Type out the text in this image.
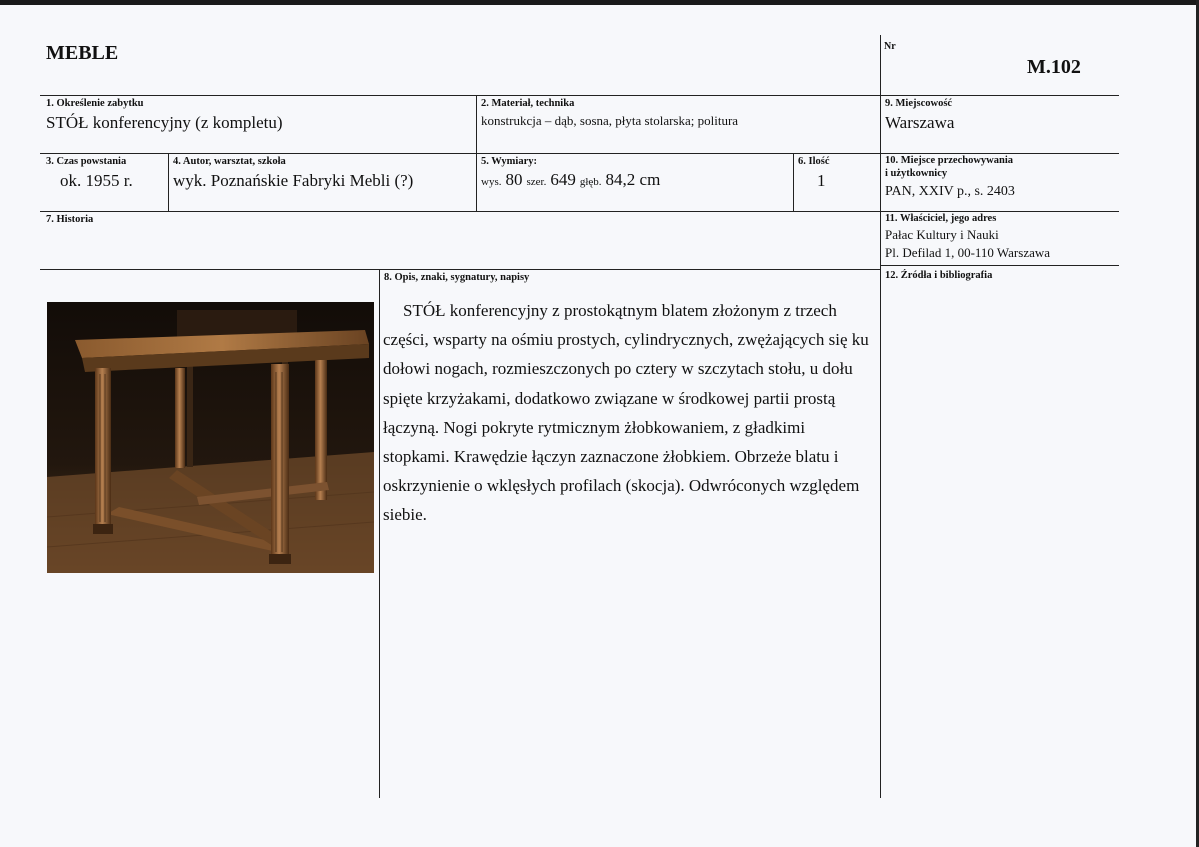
MEBLE	Nr
M.102
1. Określenie zabytku
STÓŁ konferencyjny (z kompletu)
2. Materiał, technika
konstrukcja – dąb, sosna, płyta stolarska; politura
9. Miejscowość
Warszawa
3. Czas powstania
ok. 1955 r.
4. Autor, warsztat, szkoła
wyk. Poznańskie Fabryki Mebli (?)
5. Wymiary:
wys. 80 szer. 649 głęb. 84,2 cm
6. Ilość
1
10. Miejsce przechowywania
i użytkownicy
PAN, XXIV p., s. 2403
7. Historia	11. Właściciel, jego adres
Pałac Kultury i Nauki
Pl. Defilad 1, 00-110 Warszawa
8. Opis, znaki, sygnatury, napisy	12. Źródła i bibliografia

STÓŁ konferencyjny z prostokątnym blatem złożonym z trzech części, wsparty na ośmiu prostych, cylindrycznych, zwężających się ku dołowi nogach, rozmieszczonych po cztery w szczytach stołu, u dołu spięte krzyżakami, dodatkowo związane w środkowej partii prostą łączyną. Nogi pokryte rytmicznym żłobkowaniem, z gładkimi stopkami. Krawędzie łączyn zaznaczone żłobkiem. Obrzeże blatu i oskrzynienie o wklęsłych profilach (skocja). Odwróconych względem siebie.
